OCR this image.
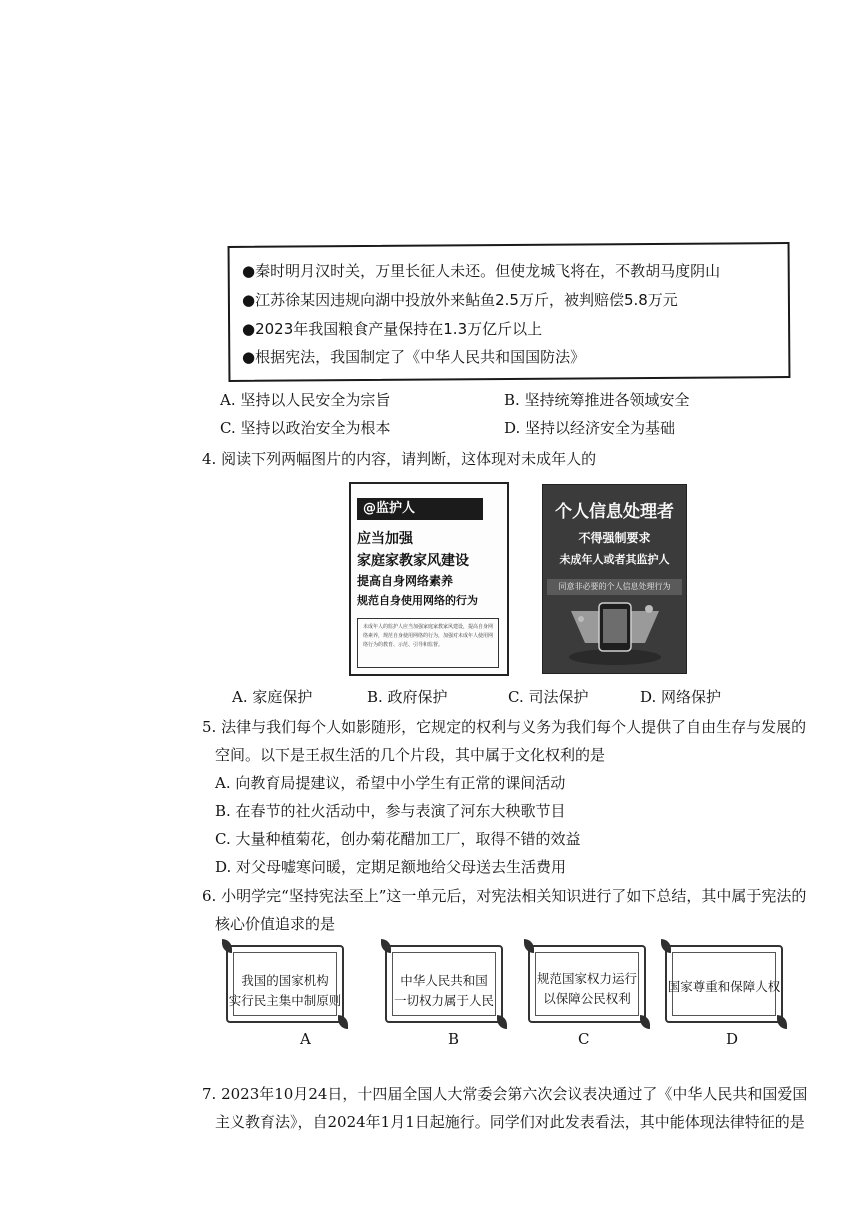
●秦时明月汉时关，万里长征人未还。但使龙城飞将在，不教胡马度阴山
●江苏徐某因违规向湖中投放外来鲇鱼2.5万斤，被判赔偿5.8万元
●2023年我国粮食产量保持在1.3万亿斤以上
●根据宪法，我国制定了《中华人民共和国国防法》
A. 坚持以人民安全为宗旨	B. 坚持统筹推进各领域安全
C. 坚持以政治安全为根本	D. 坚持以经济安全为基础
4. 阅读下列两幅图片的内容，请判断，这体现对未成年人的
@监护人
应当加强
家庭家教家风建设
提高自身网络素养
规范自身使用网络的行为
未成年人的监护人应当加强家庭家教家风建设，提高自身网络素养，规范自身使用网络的行为，加强对未成年人使用网络行为的教育、示范、引导和监督。
个人信息处理者
不得强制要求
未成年人或者其监护人
同意非必要的个人信息处理行为
A. 家庭保护	B. 政府保护	C. 司法保护	D. 网络保护
5. 法律与我们每个人如影随形，它规定的权利与义务为我们每个人提供了自由生存与发展的
空间。以下是王叔生活的几个片段，其中属于文化权利的是
A. 向教育局提建议，希望中小学生有正常的课间活动
B. 在春节的社火活动中，参与表演了河东大秧歌节目
C. 大量种植菊花，创办菊花醋加工厂，取得不错的效益
D. 对父母嘘寒问暖，定期足额地给父母送去生活费用
6. 小明学完“坚持宪法至上”这一单元后，对宪法相关知识进行了如下总结，其中属于宪法的
核心价值追求的是
我国的国家机构
实行民主集中制原则
中华人民共和国
一切权力属于人民
规范国家权力运行
以保障公民权利
国家尊重和保障人权
A	B	C	D
7. 2023年10月24日，十四届全国人大常委会第六次会议表决通过了《中华人民共和国爱国
主义教育法》，自2024年1月1日起施行。同学们对此发表看法，其中能体现法律特征的是
